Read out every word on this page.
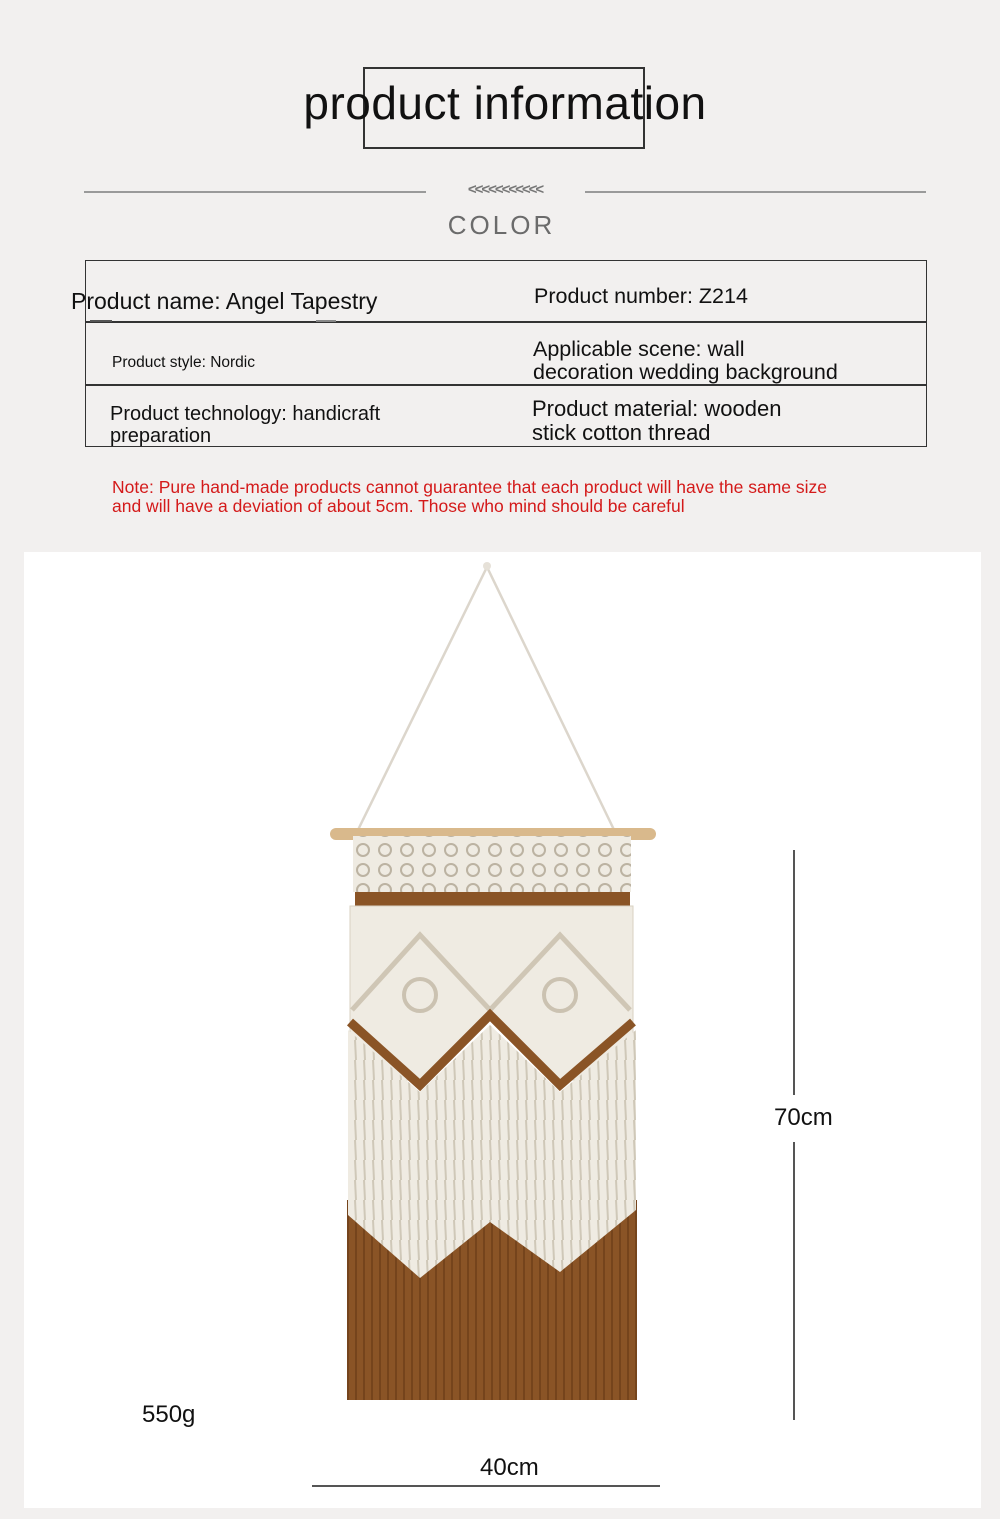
product information
<<<<<<<<<<<
COLOR
Product name: Angel Tapestry	Product number: Z214
Product style: Nordic
Applicable scene: wall
decoration wedding background
Product technology: handicraft
preparation
Product material: wooden
stick cotton thread
Note: Pure hand-made products cannot guarantee that each product will have the same size
and will have a deviation of about 5cm. Those who mind should be careful
70cm
40cm
550g
